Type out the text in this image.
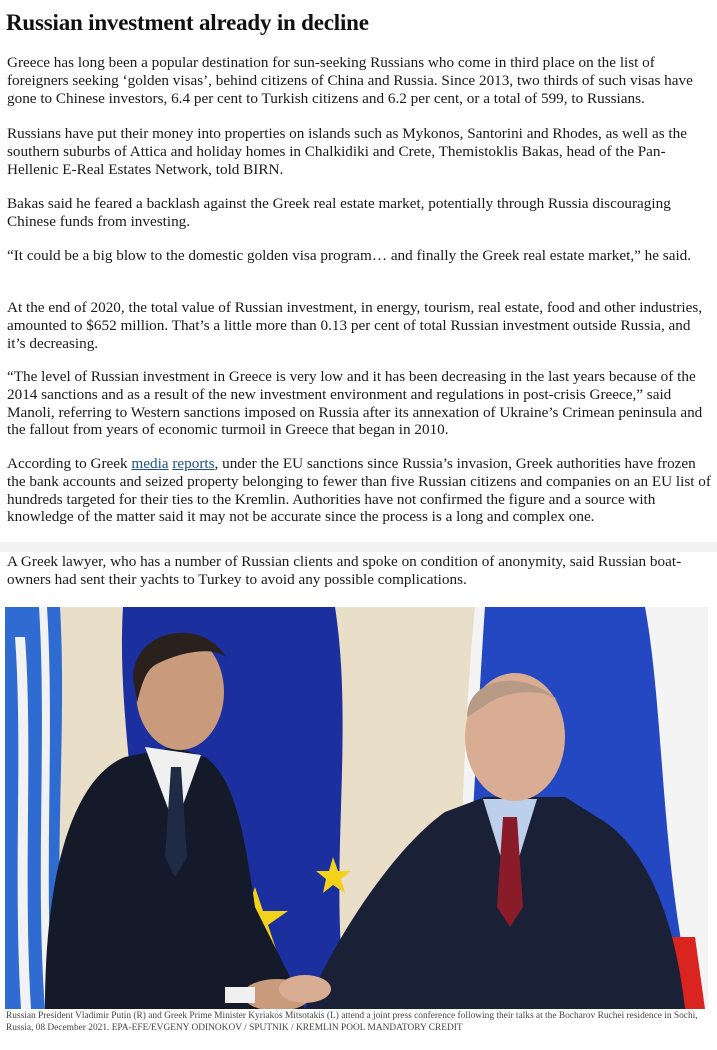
Russian investment already in decline

Greece has long been a popular destination for sun-seeking Russians who come in third place on the list of foreigners seeking ‘golden visas’, behind citizens of China and Russia. Since 2013, two thirds of such visas have gone to Chinese investors, 6.4 per cent to Turkish citizens and 6.2 per cent, or a total of 599, to Russians.

Russians have put their money into properties on islands such as Mykonos, Santorini and Rhodes, as well as the southern suburbs of Attica and holiday homes in Chalkidiki and Crete, Themistoklis Bakas, head of the Pan-Hellenic E-Real Estates Network, told BIRN.

Bakas said he feared a backlash against the Greek real estate market, potentially through Russia discouraging Chinese funds from investing.

“It could be a big blow to the domestic golden visa program… and finally the Greek real estate market,” he said.

At the end of 2020, the total value of Russian investment, in energy, tourism, real estate, food and other industries, amounted to $652 million. That’s a little more than 0.13 per cent of total Russian investment outside Russia, and it’s decreasing.

“The level of Russian investment in Greece is very low and it has been decreasing in the last years because of the 2014 sanctions and as a result of the new investment environment and regulations in post-crisis Greece,” said Manoli, referring to Western sanctions imposed on Russia after its annexation of Ukraine’s Crimean peninsula and the fallout from years of economic turmoil in Greece that began in 2010.

According to Greek media reports, under the EU sanctions since Russia’s invasion, Greek authorities have frozen the bank accounts and seized property belonging to fewer than five Russian citizens and companies on an EU list of hundreds targeted for their ties to the Kremlin. Authorities have not confirmed the figure and a source with knowledge of the matter said it may not be accurate since the process is a long and complex one.

A Greek lawyer, who has a number of Russian clients and spoke on condition of anonymity, said Russian boat-owners had sent their yachts to Turkey to avoid any possible complications.

Russian President Vladimir Putin (R) and Greek Prime Minister Kyriakos Mitsotakis (L) attend a joint press conference following their talks at the Bocharov Ruchei residence in Sochi, Russia, 08 December 2021. EPA-EFE/EVGENY ODINOKOV / SPUTNIK / KREMLIN POOL MANDATORY CREDIT
